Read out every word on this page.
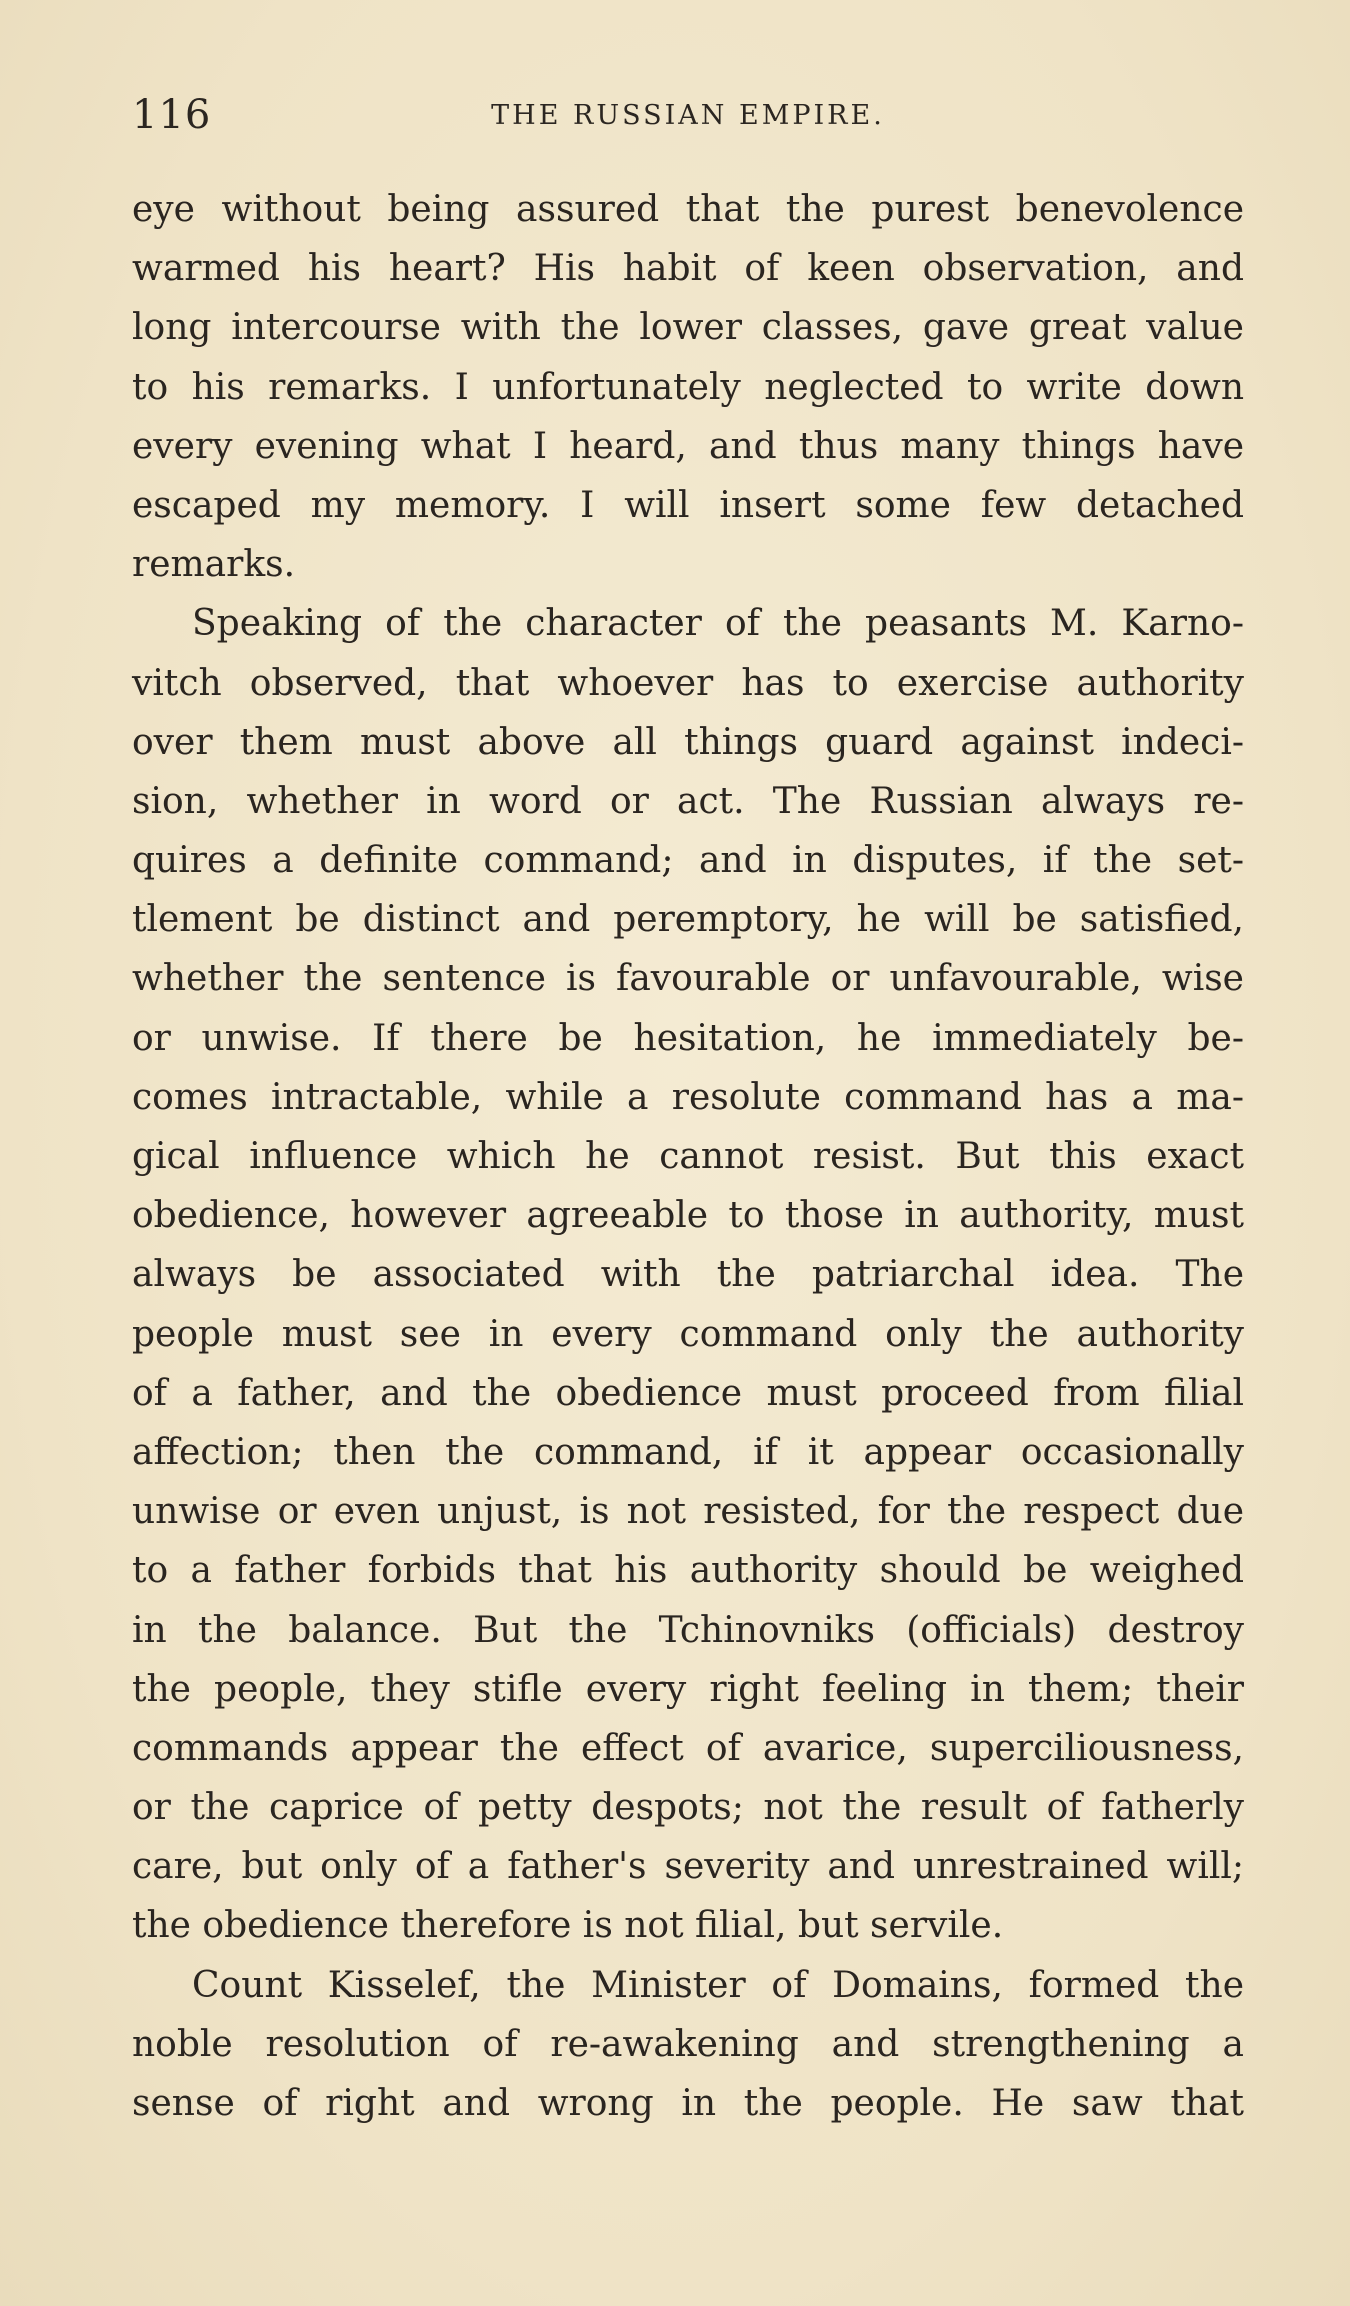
116	THE RUSSIAN EMPIRE.
eye without being assured that the purest benevolence
warmed his heart? His habit of keen observation, and
long intercourse with the lower classes, gave great value
to his remarks. I unfortunately neglected to write down
every evening what I heard, and thus many things have
escaped my memory. I will insert some few detached
remarks.
Speaking of the character of the peasants M. Karno-
vitch observed, that whoever has to exercise authority
over them must above all things guard against indeci-
sion, whether in word or act. The Russian always re-
quires a definite command; and in disputes, if the set-
tlement be distinct and peremptory, he will be satisfied,
whether the sentence is favourable or unfavourable, wise
or unwise. If there be hesitation, he immediately be-
comes intractable, while a resolute command has a ma-
gical influence which he cannot resist. But this exact
obedience, however agreeable to those in authority, must
always be associated with the patriarchal idea. The
people must see in every command only the authority
of a father, and the obedience must proceed from filial
affection; then the command, if it appear occasionally
unwise or even unjust, is not resisted, for the respect due
to a father forbids that his authority should be weighed
in the balance. But the Tchinovniks (officials) destroy
the people, they stifle every right feeling in them; their
commands appear the effect of avarice, superciliousness,
or the caprice of petty despots; not the result of fatherly
care, but only of a father's severity and unrestrained will;
the obedience therefore is not filial, but servile.
Count Kisselef, the Minister of Domains, formed the
noble resolution of re-awakening and strengthening a
sense of right and wrong in the people. He saw that
